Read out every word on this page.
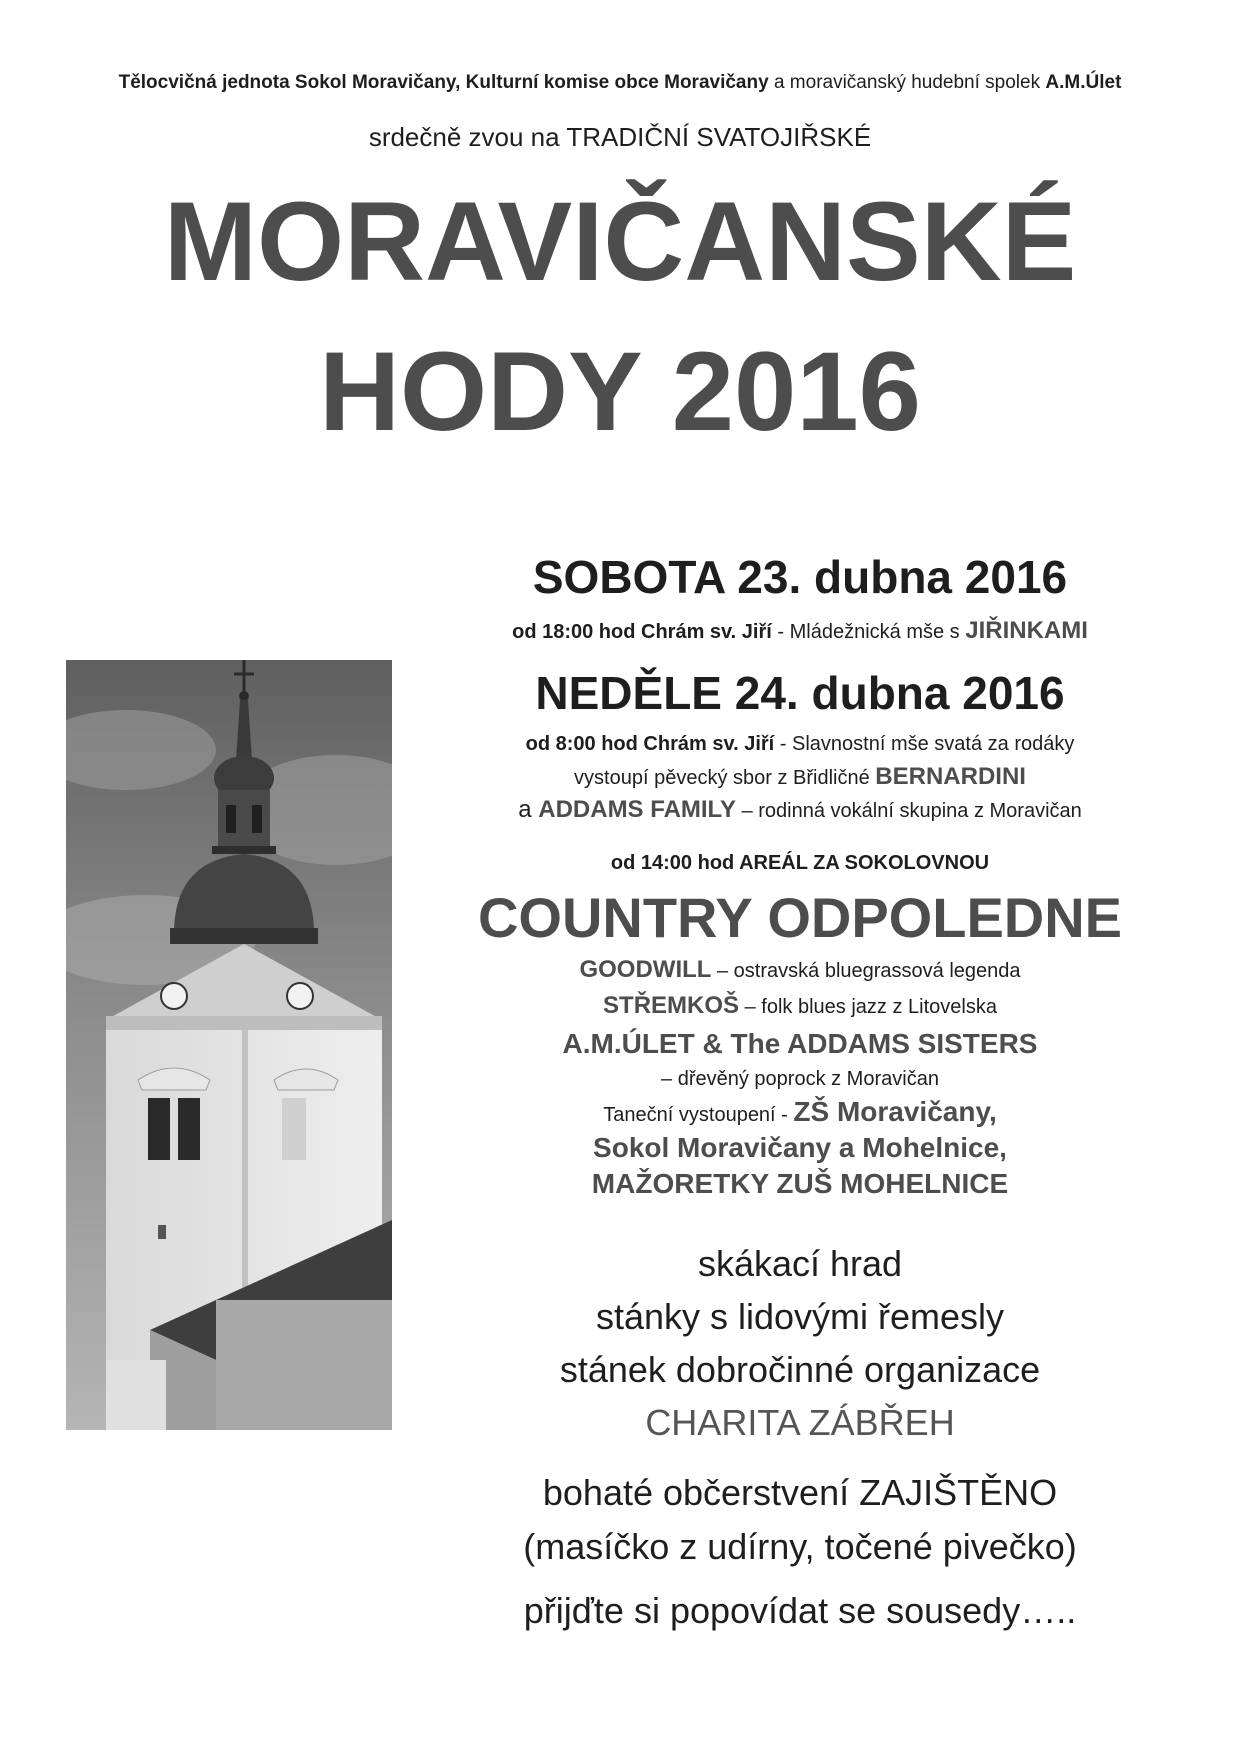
Tělocvičná jednota Sokol Moravičany, Kulturní komise obce Moravičany a moravičanský hudební spolek A.M.Úlet
srdečně zvou na TRADIČNÍ SVATOJIŘSKÉ
MORAVIČANSKÉ
HODY 2016
SOBOTA 23. dubna 2016
od 18:00 hod Chrám sv. Jiří - Mládežnická mše s JIŘINKAMI
NEDĚLE 24. dubna 2016
od 8:00 hod Chrám sv. Jiří - Slavnostní mše svatá za rodáky
vystoupí pěvecký sbor z Břidličné BERNARDINI
a ADDAMS FAMILY – rodinná vokální skupina z Moravičan
od 14:00 hod AREÁL ZA SOKOLOVNOU
COUNTRY ODPOLEDNE
GOODWILL – ostravská bluegrassová legenda
STŘEMKOŠ – folk blues jazz z Litovelska
A.M.ÚLET & The ADDAMS SISTERS
– dřevěný poprock z Moravičan
Taneční vystoupení - ZŠ Moravičany,
Sokol Moravičany a Mohelnice,
MAŽORETKY ZUŠ MOHELNICE
skákací hrad
stánky s lidovými řemesly
stánek dobročinné organizace
CHARITA ZÁBŘEH
bohaté občerstvení ZAJIŠTĚNO
(masíčko z udírny, točené pivečko)
přijďte si popovídat se sousedy…..
